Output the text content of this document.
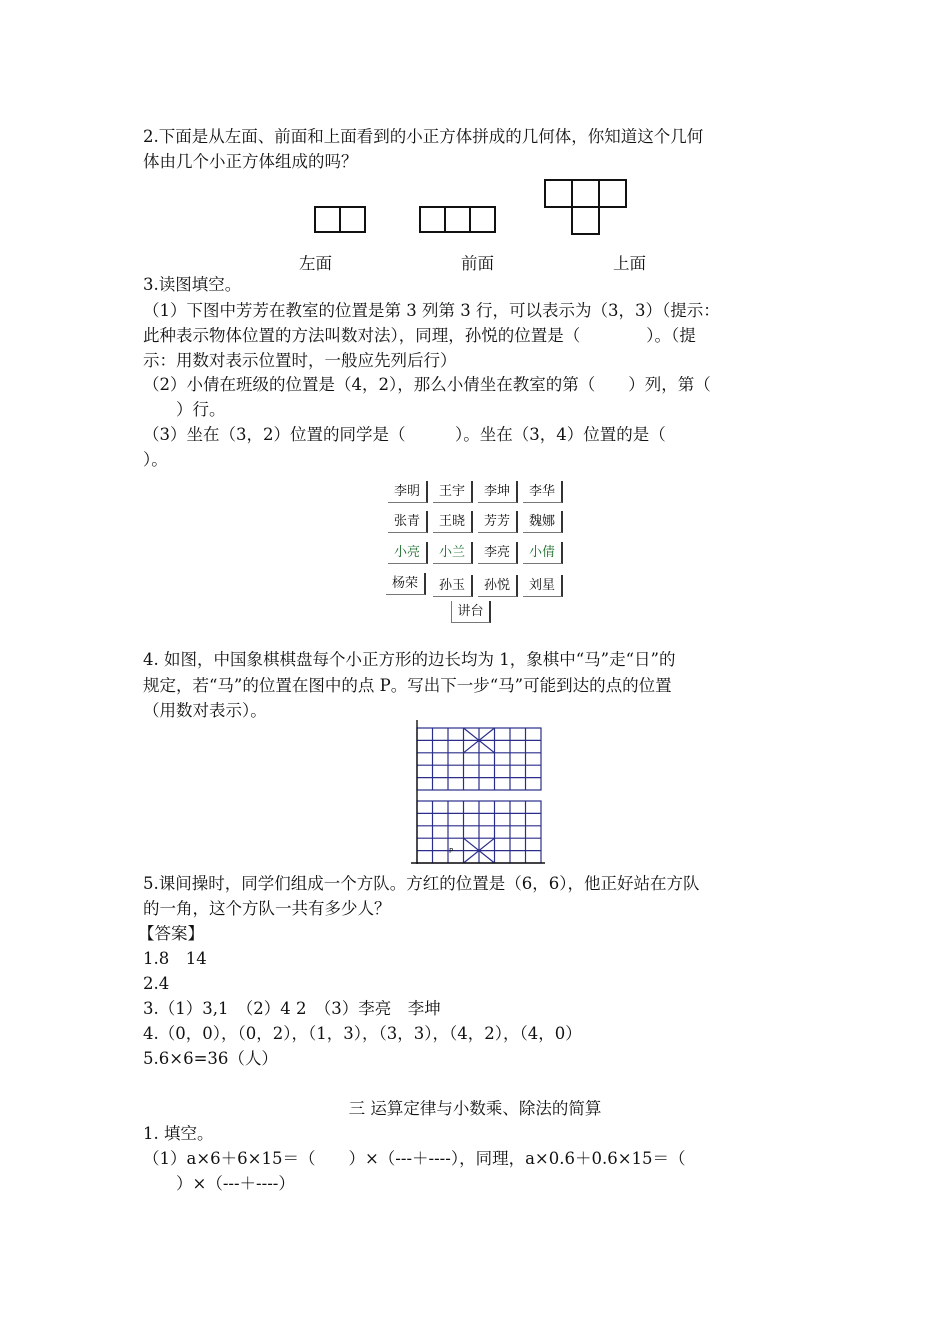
2.下面是从左面、前面和上面看到的小正方体拼成的几何体，你知道这个几何
体由几个小正方体组成的吗？
左面	前面	上面
3.读图填空。
（1）下图中芳芳在教室的位置是第 3 列第 3 行，可以表示为（3，3）（提示：
此种表示物体位置的方法叫数对法），同理，孙悦的位置是（　　　　）。（提
示：用数对表示位置时，一般应先列后行）
（2）小倩在班级的位置是（4，2），那么小倩坐在教室的第（　　）列，第（
　　）行。
（3）坐在（3，2）位置的同学是（　　　）。坐在（3，4）位置的是（
）。
李明	王宇	李坤	李华
张青	王晓	芳芳	魏娜
小亮	小兰	李亮	小倩
杨荣	孙玉	孙悦	刘星
讲台
4. 如图，中国象棋棋盘每个小正方形的边长均为 1，象棋中“马”走“日”的
规定，若“马”的位置在图中的点 P。写出下一步“马”可能到达的点的位置
（用数对表示）。
P
5.课间操时，同学们组成一个方队。方红的位置是（6，6），他正好站在方队
的一角，这个方队一共有多少人？
【答案】
1.8　14
2.4
3.（1）3,1　（2）4 2　（3）李亮　李坤
4.（0，0），（0，2），（1，3），（3，3），（4，2），（4，0）
5.6×6=36（人）
三 运算定律与小数乘、除法的简算
1. 填空。
（1）a×6＋6×15＝（　　）×（---＋----），同理，a×0.6＋0.6×15＝（
　　）×（---＋----）
